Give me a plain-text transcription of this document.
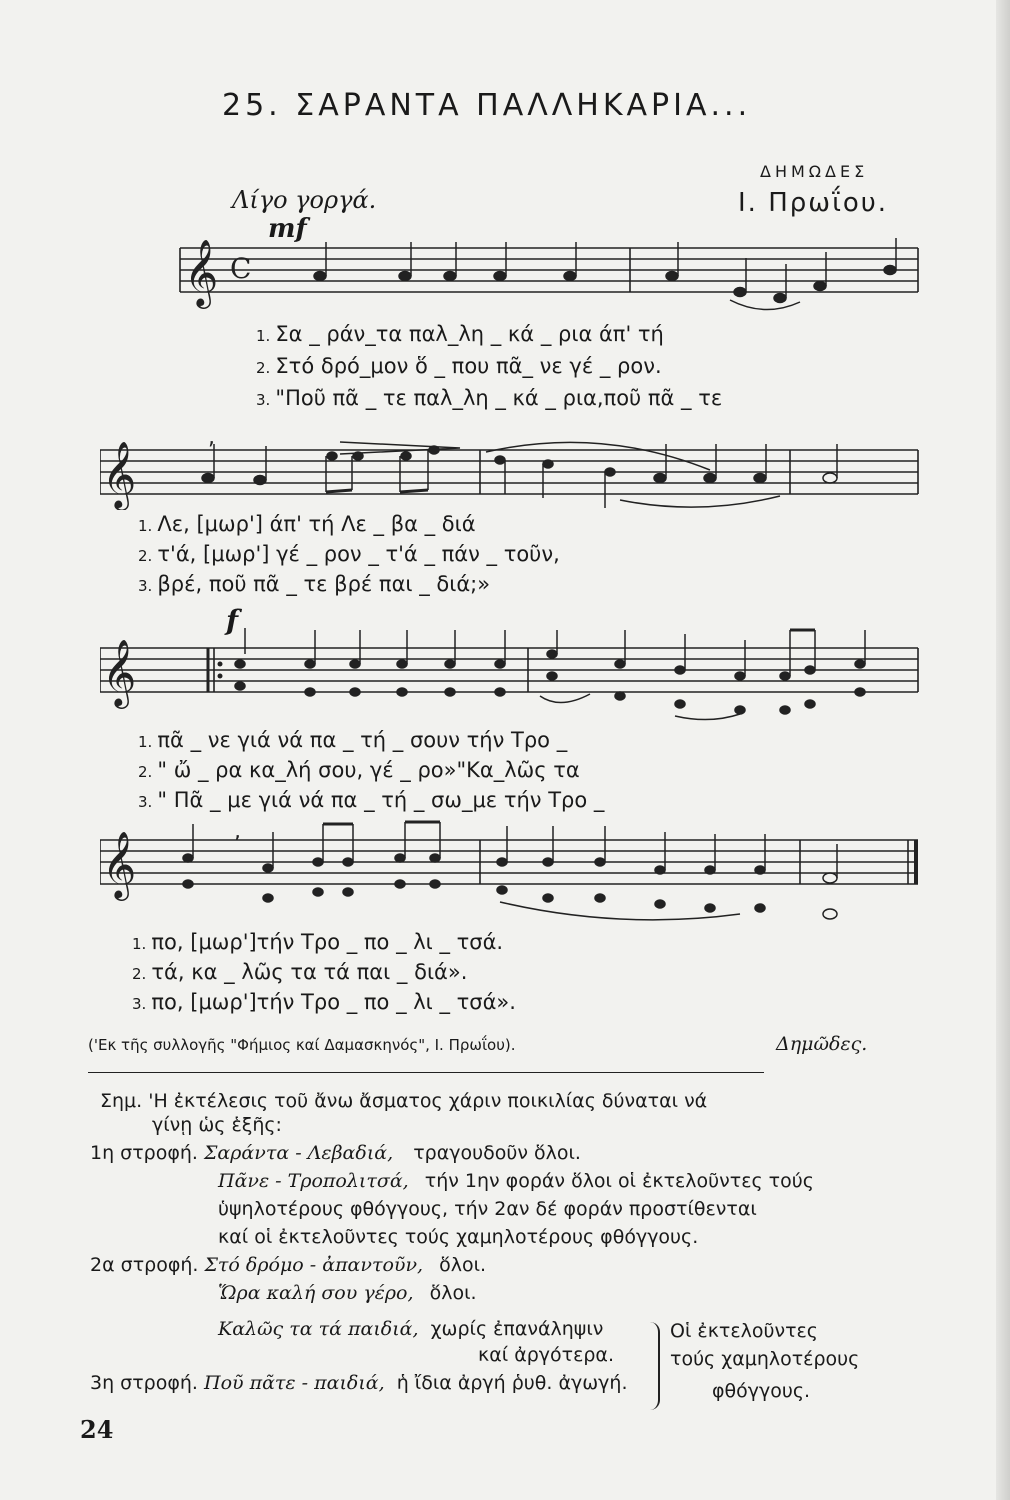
25. ΣΑΡΑΝΤΑ ΠΑΛΛΗΚΑΡΙΑ...
ΔΗΜΩΔΕΣ
Λίγο γοργά.	Ι. Πρωΐου.
mf
𝄞 C
1. Σα _ ράν_τα παλ_λη _ κά _ ρια άπ' τή
2. Στό δρό_μον ὅ _ που πᾶ_ νε γέ _ ρον.
3. "Ποῦ πᾶ _ τε παλ_λη _ κά _ ρια,ποῦ πᾶ _ τε
𝄞
,
1. Λε, [μωρ'] άπ' τή Λε _ βα _ διά
2. τ'ά, [μωρ'] γέ _ ρον _ τ'ά _ πάν _ τοῦν,
3. βρέ, ποῦ πᾶ _ τε βρέ παι _ διά;»
f
𝄞
1. πᾶ _ νε γιά νά πα _ τή _ σουν τήν Τρο _
2. " ὤ _ ρα κα_λή σου, γέ _ ρο»"Κα_λῶς τα
3. " Πᾶ _ με γιά νά πα _ τή _ σω_με τήν Τρο _
𝄞	,
1. πο, [μωρ']τήν Τρο _ πο _ λι _ τσά.
2. τά, κα _ λῶς τα τά παι _ διά».
3. πο, [μωρ']τήν Τρο _ πο _ λι _ τσά».
('Εκ τῆς συλλογῆς "Φήμιος καί Δαμασκηνός", Ι. Πρωΐου).	Δημῶδες.
Σημ. 'Η ἐκτέλεσις τοῦ ἄνω ἄσματος χάριν ποικιλίας δύναται νά
γίνῃ ὡς ἑξῆς:
1η στροφή. Σαράντα - Λεβαδιά, τραγουδοῦν ὅλοι.
Πᾶνε - Τροπολιτσά, τήν 1ην φοράν ὅλοι οἱ ἐκτελοῦντες τούς
ὑψηλοτέρους φθόγγους, τήν 2αν δέ φοράν προστίθενται
καί οἱ ἐκτελοῦντες τούς χαμηλοτέρους φθόγγους.
2α στροφή. Στό δρόμο - ἀπαντοῦν, ὅλοι.
Ὥρα καλή σου γέρο, ὅλοι.
Καλῶς τα τά παιδιά, χωρίς ἐπανάληψιν
καί ἀργότερα.
3η στροφή. Ποῦ πᾶτε - παιδιά, ἡ ἴδια ἀργή ῥυθ. ἀγωγή.
Οἱ ἐκτελοῦντες
τούς χαμηλοτέρους
φθόγγους.
24
